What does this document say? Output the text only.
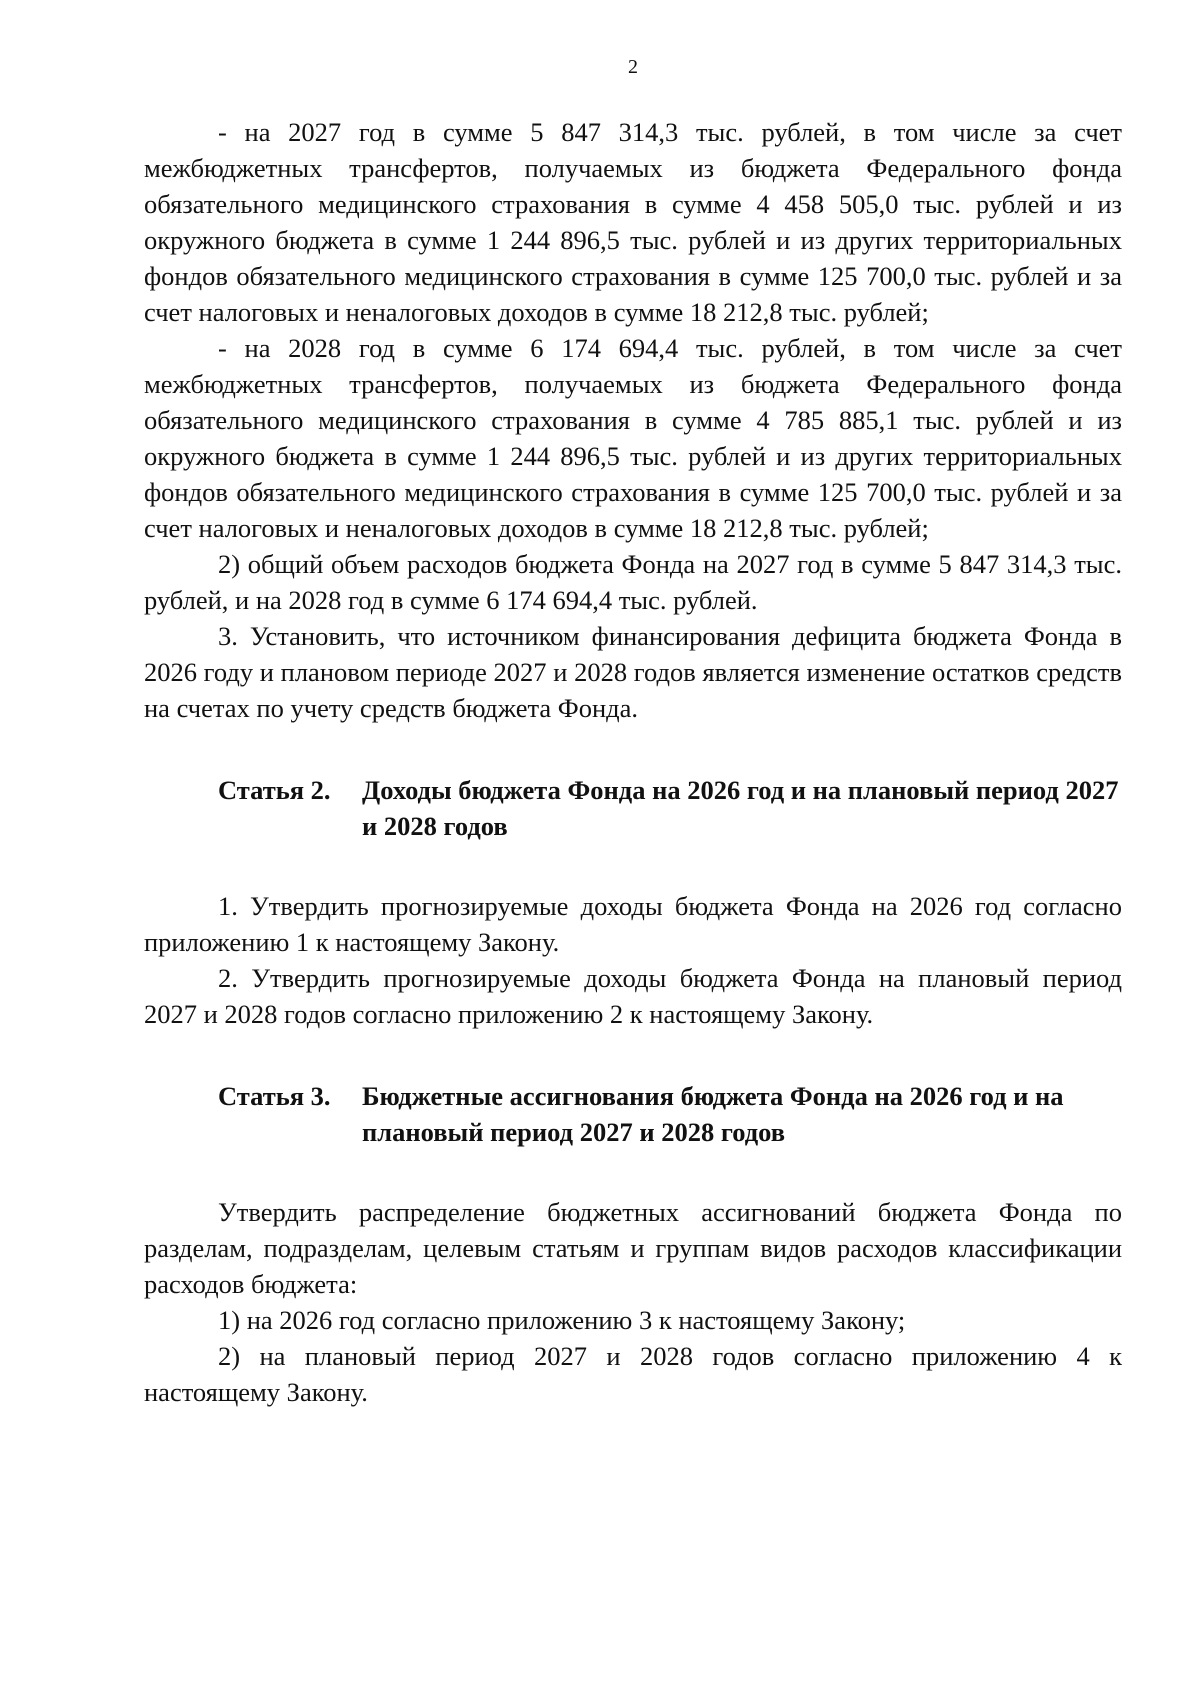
2

- на 2027 год в сумме 5 847 314,3 тыс. рублей, в том числе за счет межбюджетных трансфертов, получаемых из бюджета Федерального фонда обязательного медицинского страхования в сумме 4 458 505,0 тыс. рублей и из окружного бюджета в сумме 1 244 896,5 тыс. рублей и из других территориальных фондов обязательного медицинского страхования в сумме 125 700,0 тыс. рублей и за счет налоговых и неналоговых доходов в сумме 18 212,8 тыс. рублей;

- на 2028 год в сумме 6 174 694,4 тыс. рублей, в том числе за счет межбюджетных трансфертов, получаемых из бюджета Федерального фонда обязательного медицинского страхования в сумме 4 785 885,1 тыс. рублей и из окружного бюджета в сумме 1 244 896,5 тыс. рублей и из других территориальных фондов обязательного медицинского страхования в сумме 125 700,0 тыс. рублей и за счет налоговых и неналоговых доходов в сумме 18 212,8 тыс. рублей;

2) общий объем расходов бюджета Фонда на 2027 год в сумме 5 847 314,3 тыс. рублей, и на 2028 год в сумме 6 174 694,4 тыс. рублей.

3. Установить, что источником финансирования дефицита бюджета Фонда в 2026 году и плановом периоде 2027 и 2028 годов является изменение остатков средств на счетах по учету средств бюджета Фонда.

Статья 2.	Доходы бюджета Фонда на 2026 год и на плановый период 2027 и 2028 годов

1. Утвердить прогнозируемые доходы бюджета Фонда на 2026 год согласно приложению 1 к настоящему Закону.

2. Утвердить прогнозируемые доходы бюджета Фонда на плановый период 2027 и 2028 годов согласно приложению 2 к настоящему Закону.

Статья 3.	Бюджетные ассигнования бюджета Фонда на 2026 год и на плановый период 2027 и 2028 годов

Утвердить распределение бюджетных ассигнований бюджета Фонда по разделам, подразделам, целевым статьям и группам видов расходов классификации расходов бюджета:

1) на 2026 год согласно приложению 3 к настоящему Закону;

2) на плановый период 2027 и 2028 годов согласно приложению 4 к настоящему Закону.
